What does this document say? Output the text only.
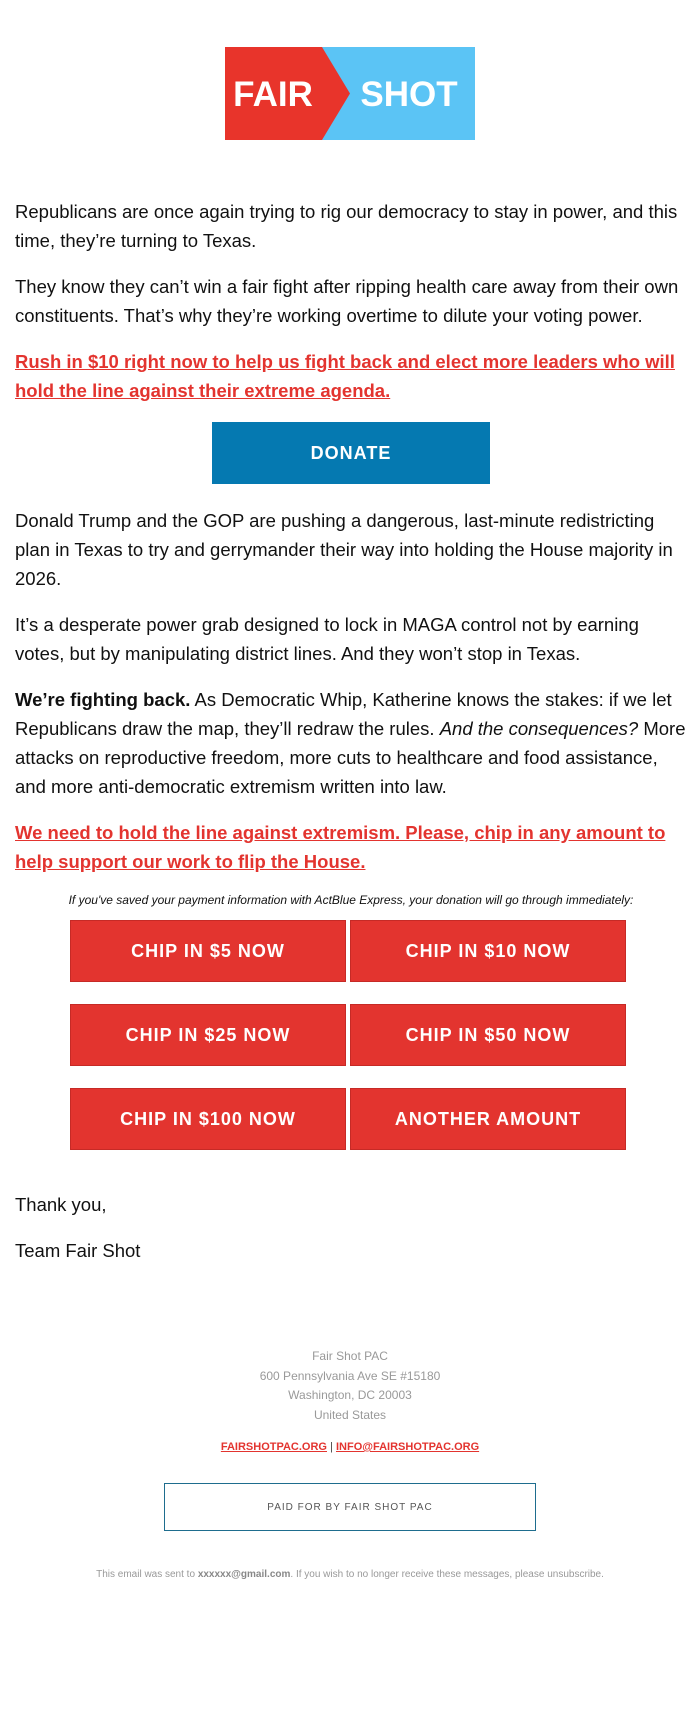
FAIR SHOT

Republicans are once again trying to rig our democracy to stay in power, and this time, they’re turning to Texas.

They know they can’t win a fair fight after ripping health care away from their own constituents. That’s why they’re working overtime to dilute your voting power.

Rush in $10 right now to help us fight back and elect more leaders who will hold the line against their extreme agenda.

DONATE

Donald Trump and the GOP are pushing a dangerous, last-minute redistricting plan in Texas to try and gerrymander their way into holding the House majority in 2026.

It’s a desperate power grab designed to lock in MAGA control not by earning votes, but by manipulating district lines. And they won’t stop in Texas.

We’re fighting back. As Democratic Whip, Katherine knows the stakes: if we let Republicans draw the map, they’ll redraw the rules. And the consequences? More attacks on reproductive freedom, more cuts to healthcare and food assistance, and more anti-democratic extremism written into law.

We need to hold the line against extremism. Please, chip in any amount to help support our work to flip the House.

If you've saved your payment information with ActBlue Express, your donation will go through immediately:

CHIP IN $5 NOW	CHIP IN $10 NOW
CHIP IN $25 NOW	CHIP IN $50 NOW
CHIP IN $100 NOW	ANOTHER AMOUNT

Thank you,

Team Fair Shot

Fair Shot PAC
600 Pennsylvania Ave SE #15180
Washington, DC 20003
United States
FAIRSHOTPAC.ORG | INFO@FAIRSHOTPAC.ORG
PAID FOR BY FAIR SHOT PAC
This email was sent to xxxxxx@gmail.com. If you wish to no longer receive these messages, please unsubscribe.
